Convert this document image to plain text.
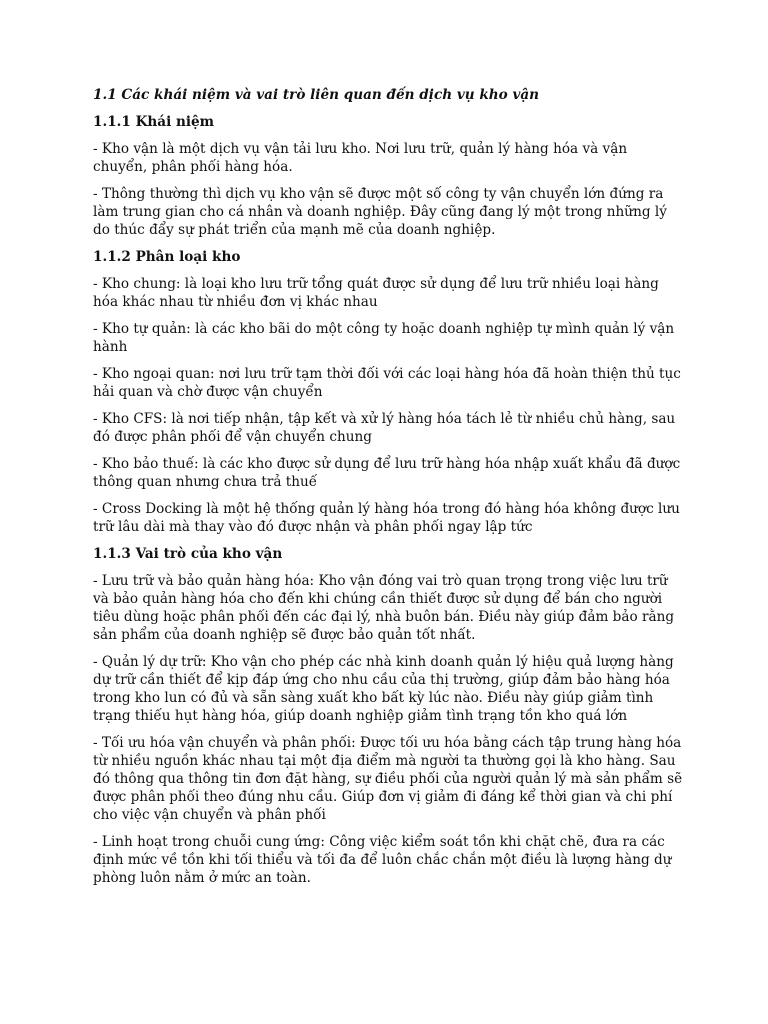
1.1 Các khái niệm và vai trò liên quan đến dịch vụ kho vận

1.1.1 Khái niệm

- Kho vận là một dịch vụ vận tải lưu kho. Nơi lưu trữ, quản lý hàng hóa và vận chuyển, phân phối hàng hóa.

- Thông thường thì dịch vụ kho vận sẽ được một số công ty vận chuyển lớn đứng ra làm trung gian cho cá nhân và doanh nghiệp. Đây cũng đang lý một trong những lý do thúc đẩy sự phát triển của mạnh mẽ của doanh nghiệp.

1.1.2 Phân loại kho

- Kho chung: là loại kho lưu trữ tổng quát được sử dụng để lưu trữ nhiều loại hàng hóa khác nhau từ nhiều đơn vị khác nhau

- Kho tự quản: là các kho bãi do một công ty hoặc doanh nghiệp tự mình quản lý vận hành

- Kho ngoại quan: nơi lưu trữ tạm thời đối với các loại hàng hóa đã hoàn thiện thủ tục hải quan và chờ được vận chuyển

- Kho CFS: là nơi tiếp nhận, tập kết và xử lý hàng hóa tách lẻ từ nhiều chủ hàng, sau đó được phân phối để vận chuyển chung

- Kho bảo thuế: là các kho được sử dụng để lưu trữ hàng hóa nhập xuất khẩu đã được thông quan nhưng chưa trả thuế

- Cross Docking là một hệ thống quản lý hàng hóa trong đó hàng hóa không được lưu trữ lâu dài mà thay vào đó được nhận và phân phối ngay lập tức

1.1.3 Vai trò của kho vận

- Lưu trữ và bảo quản hàng hóa: Kho vận đóng vai trò quan trọng trong việc lưu trữ và bảo quản hàng hóa cho đến khi chúng cần thiết được sử dụng để bán cho người tiêu dùng hoặc phân phối đến các đại lý, nhà buôn bán. Điều này giúp đảm bảo rằng sản phẩm của doanh nghiệp sẽ được bảo quản tốt nhất.

- Quản lý dự trữ: Kho vận cho phép các nhà kinh doanh quản lý hiệu quả lượng hàng dự trữ cần thiết để kịp đáp ứng cho nhu cầu của thị trường, giúp đảm bảo hàng hóa trong kho lun có đủ và sẵn sàng xuất kho bất kỳ lúc nào. Điều này giúp giảm tình trạng thiếu hụt hàng hóa, giúp doanh nghiệp giảm tình trạng tồn kho quá lớn

- Tối ưu hóa vận chuyển và phân phối: Được tối ưu hóa bằng cách tập trung hàng hóa từ nhiều nguồn khác nhau tại một địa điểm mà người ta thường gọi là kho hàng. Sau đó thông qua thông tin đơn đặt hàng, sự điều phối của người quản lý mà sản phẩm sẽ được phân phối theo đúng nhu cầu. Giúp đơn vị giảm đi đáng kể thời gian và chi phí cho việc vận chuyển và phân phối

- Linh hoạt trong chuỗi cung ứng: Công việc kiểm soát tồn khi chặt chẽ, đưa ra các định mức về tồn khi tối thiểu và tối đa để luôn chắc chắn một điều là lượng hàng dự phòng luôn nằm ở mức an toàn.
